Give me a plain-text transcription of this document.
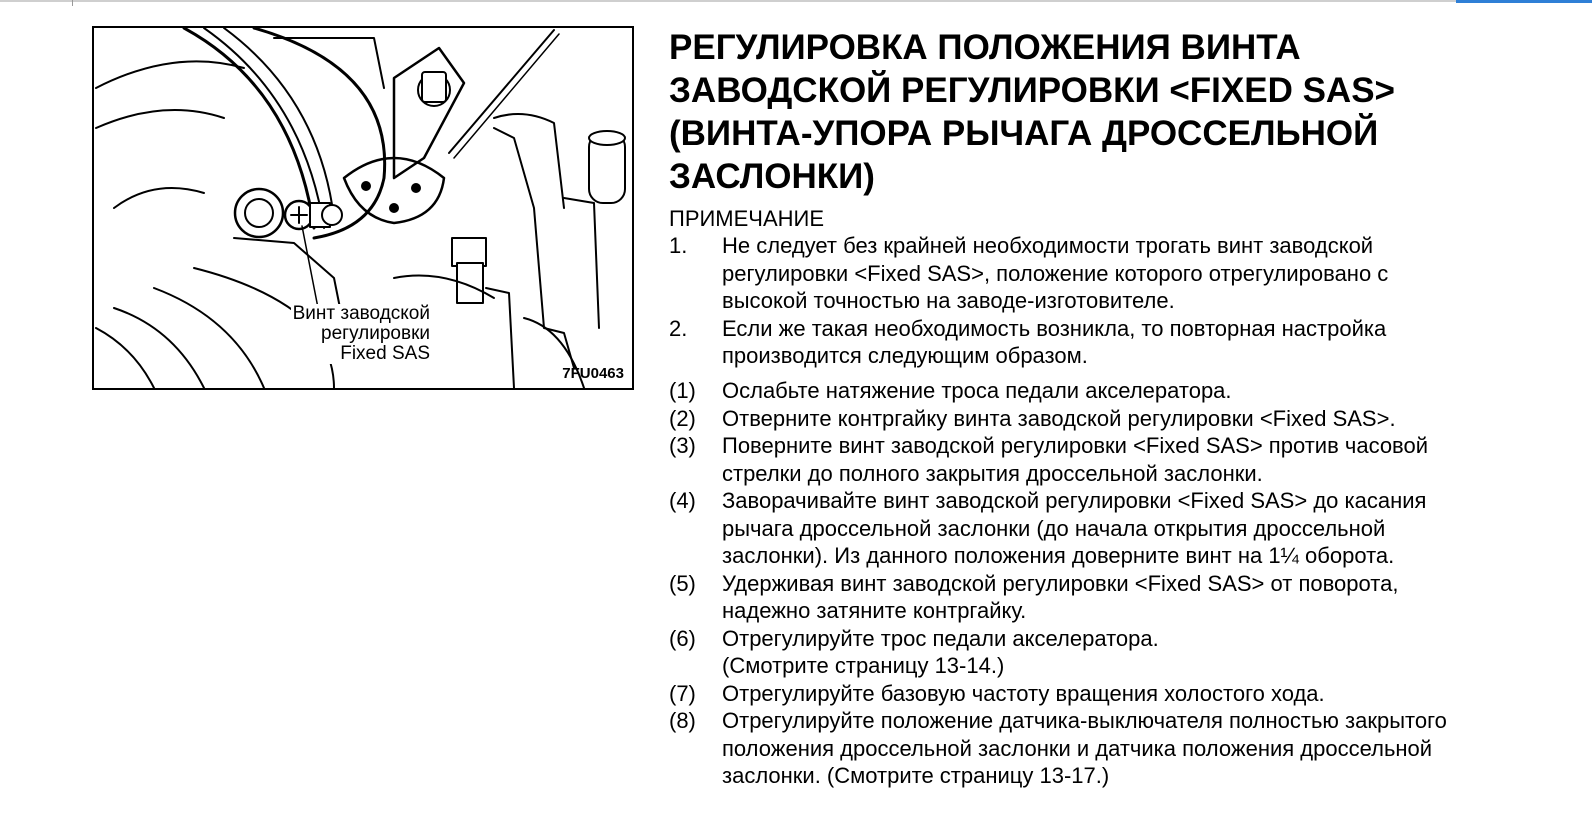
Винт заводской
регулировки
Fixed SAS
7FU0463
РЕГУЛИРОВКА ПОЛОЖЕНИЯ ВИНТА
ЗАВОДСКОЙ РЕГУЛИРОВКИ <FIXED SAS>
(ВИНТА-УПОРА РЫЧАГА ДРОССЕЛЬНОЙ
ЗАСЛОНКИ)
ПРИМЕЧАНИЕ
1.	Не следует без крайней необходимости трогать винт заводской
регулировки <Fixed SAS>, положение которого отрегулировано с
высокой точностью на заводе-изготовителе.
2.	Если же такая необходимость возникла, то повторная настройка
производится следующим образом.
(1)	Ослабьте натяжение троса педали акселератора.
(2)	Отверните контргайку винта заводской регулировки <Fixed SAS>.
(3)	Поверните винт заводской регулировки <Fixed SAS> против часовой
стрелки до полного закрытия дроссельной заслонки.
(4)	Заворачивайте винт заводской регулировки <Fixed SAS> до касания
рычага дроссельной заслонки (до начала открытия дроссельной
заслонки). Из данного положения доверните винт на 1¼ оборота.
(5)	Удерживая винт заводской регулировки <Fixed SAS> от поворота,
надежно затяните контргайку.
(6)	Отрегулируйте трос педали акселератора.
(Смотрите страницу 13-14.)
(7)	Отрегулируйте базовую частоту вращения холостого хода.
(8)	Отрегулируйте положение датчика-выключателя полностью закрытого
положения дроссельной заслонки и датчика положения дроссельной
заслонки. (Смотрите страницу 13-17.)
